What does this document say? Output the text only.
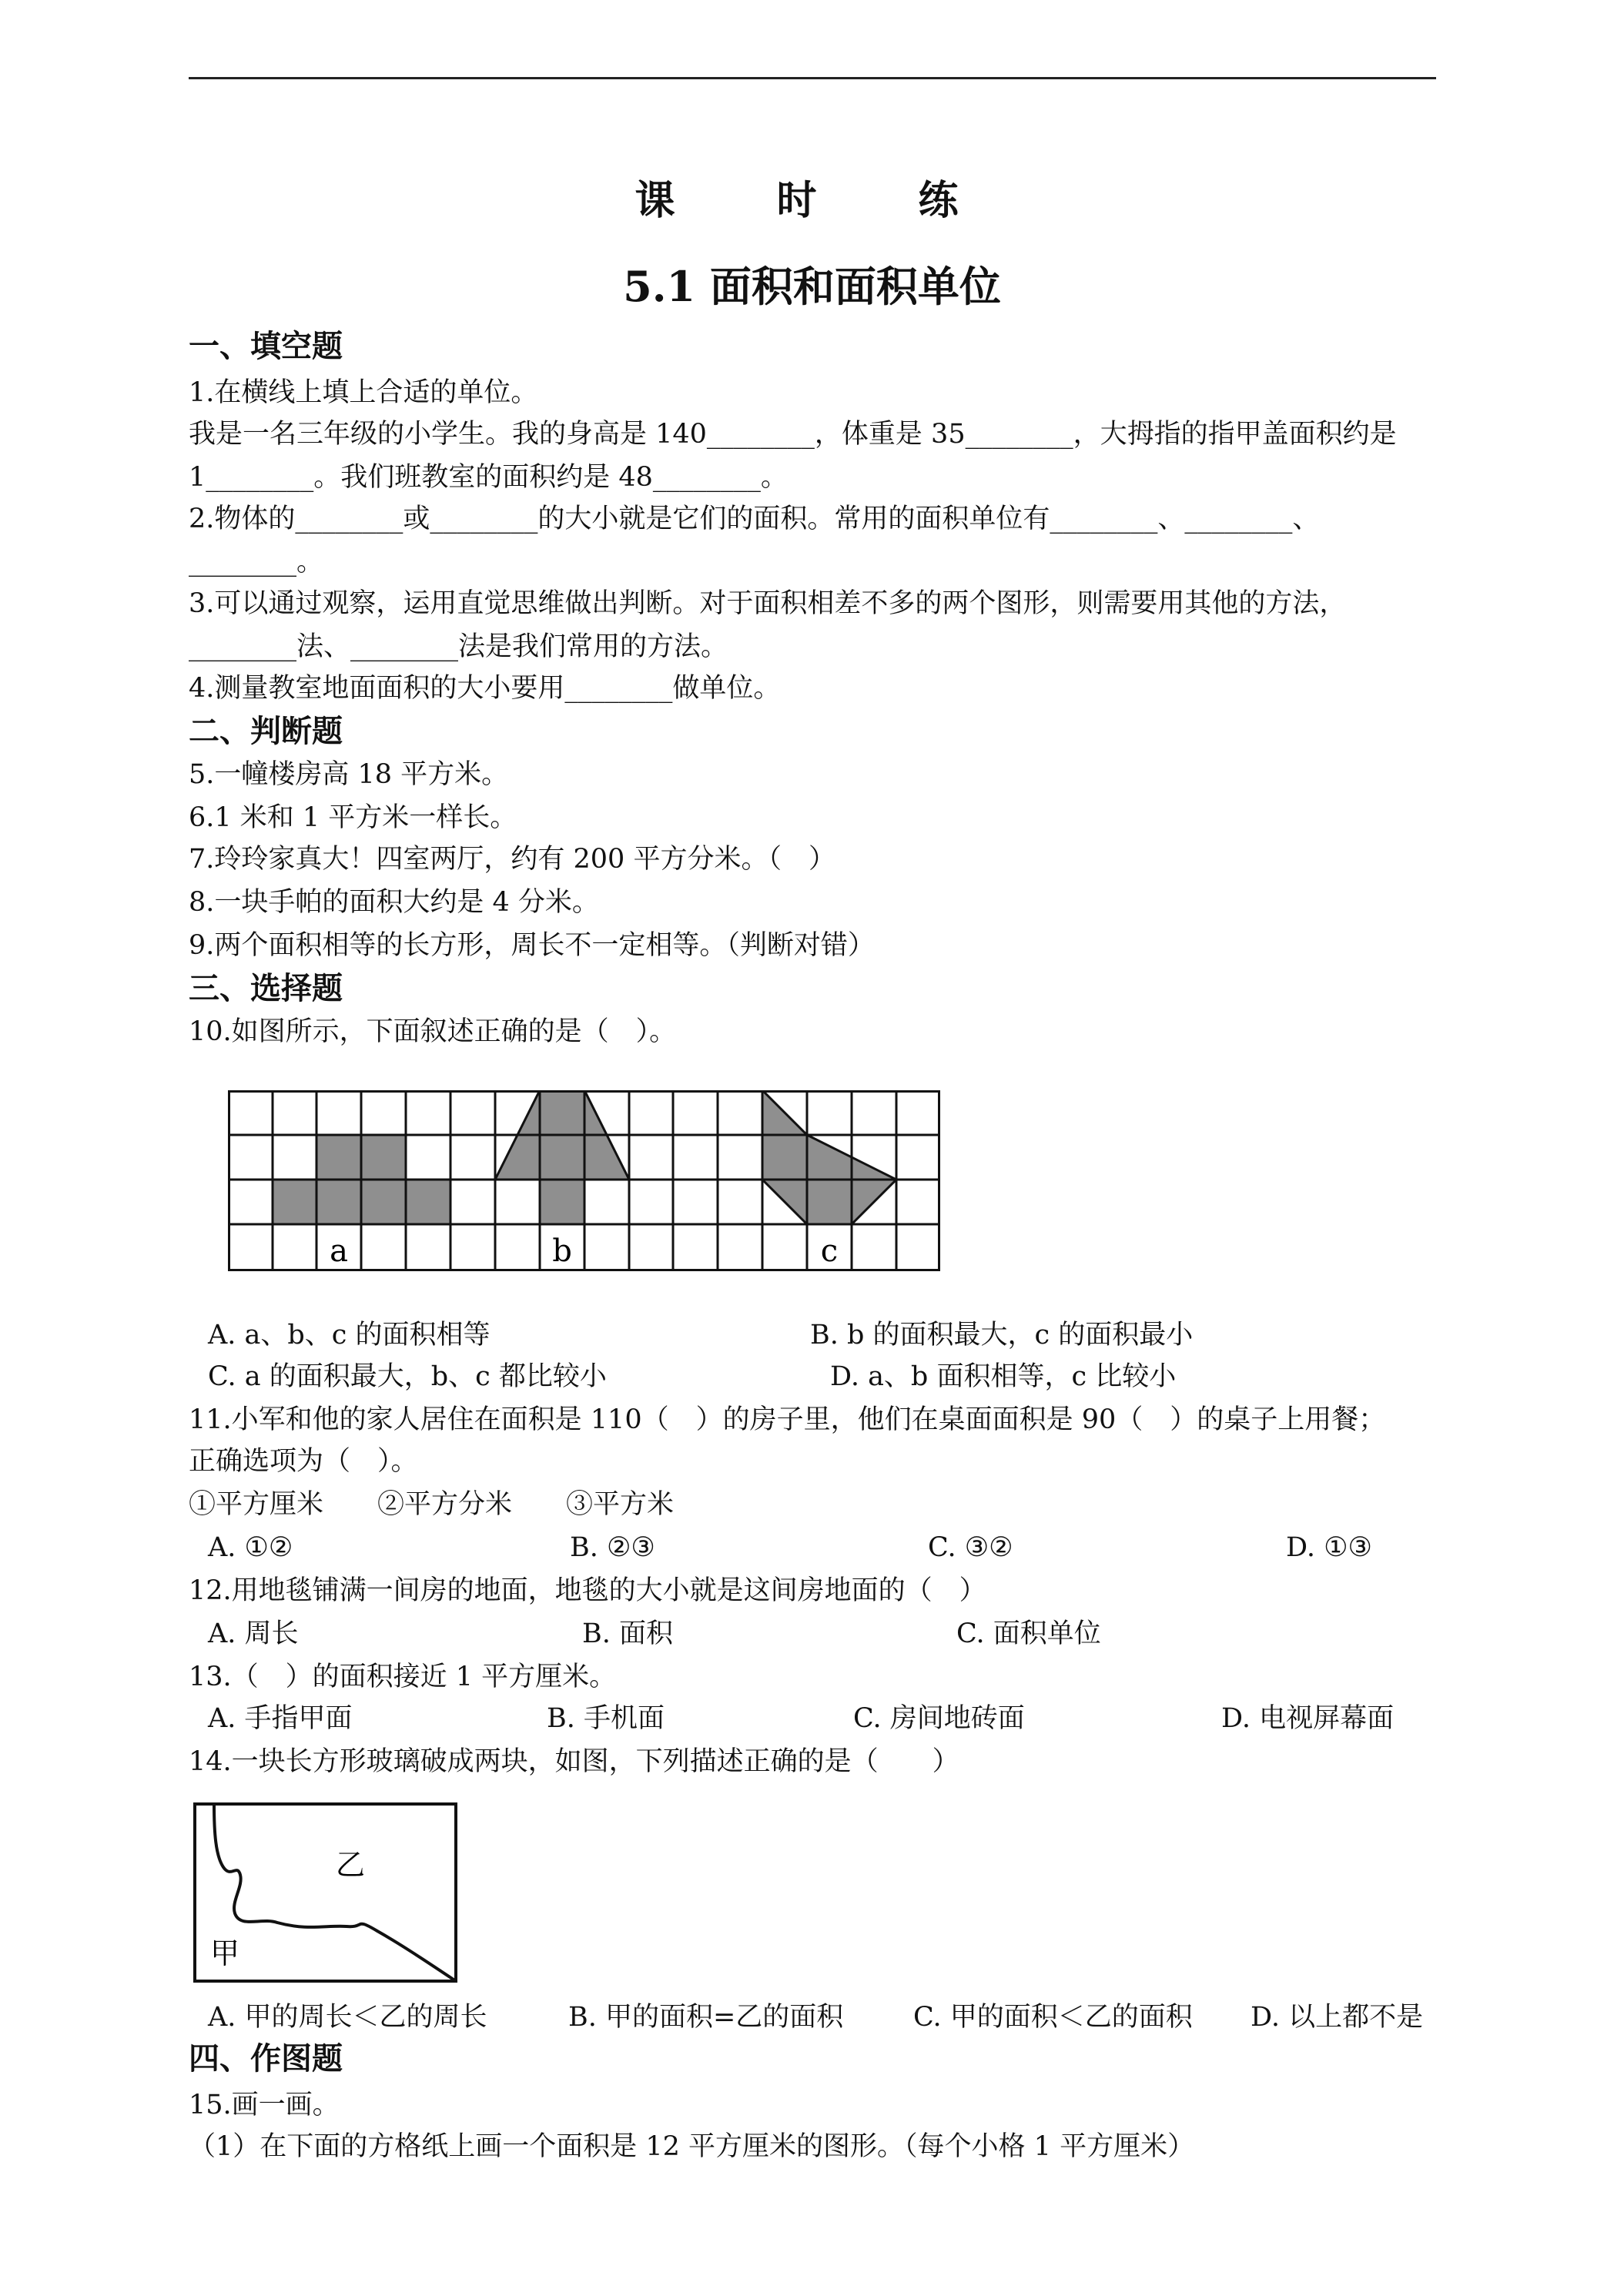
课　时　练
5.1 面积和面积单位
一、填空题
1.在横线上填上合适的单位。
我是一名三年级的小学生。我的身高是 140________，体重是 35________，大拇指的指甲盖面积约是
1________。我们班教室的面积约是 48________。
2.物体的________或________的大小就是它们的面积。常用的面积单位有________、________、
________。
3.可以通过观察，运用直觉思维做出判断。对于面积相差不多的两个图形，则需要用其他的方法，
________法、________法是我们常用的方法。
4.测量教室地面面积的大小要用________做单位。
二、判断题
5.一幢楼房高 18 平方米。
6.1 米和 1 平方米一样长。
7.玲玲家真大！四室两厅，约有 200 平方分米。（　）
8.一块手帕的面积大约是 4 分米。
9.两个面积相等的长方形，周长不一定相等。（判断对错）
三、选择题
10.如图所示，下面叙述正确的是（　）。
a	b	c
A. a、b、c 的面积相等	B. b 的面积最大，c 的面积最小
C. a 的面积最大，b、c 都比较小	D. a、b 面积相等，c 比较小
11.小军和他的家人居住在面积是 110（　）的房子里，他们在桌面面积是 90（　）的桌子上用餐；
正确选项为（　）。
①平方厘米　　②平方分米　　③平方米
A. ①②	B. ②③	C. ③②	D. ①③
12.用地毯铺满一间房的地面，地毯的大小就是这间房地面的（　）
A. 周长	B. 面积	C. 面积单位
13.（　）的面积接近 1 平方厘米。
A. 手指甲面	B. 手机面	C. 房间地砖面	D. 电视屏幕面
14.一块长方形玻璃破成两块，如图，下列描述正确的是（　　）
乙
甲
A. 甲的周长＜乙的周长	B. 甲的面积=乙的面积	C. 甲的面积＜乙的面积 D. 以上都不是
四、作图题
15.画一画。
（1）在下面的方格纸上画一个面积是 12 平方厘米的图形。（每个小格 1 平方厘米）
